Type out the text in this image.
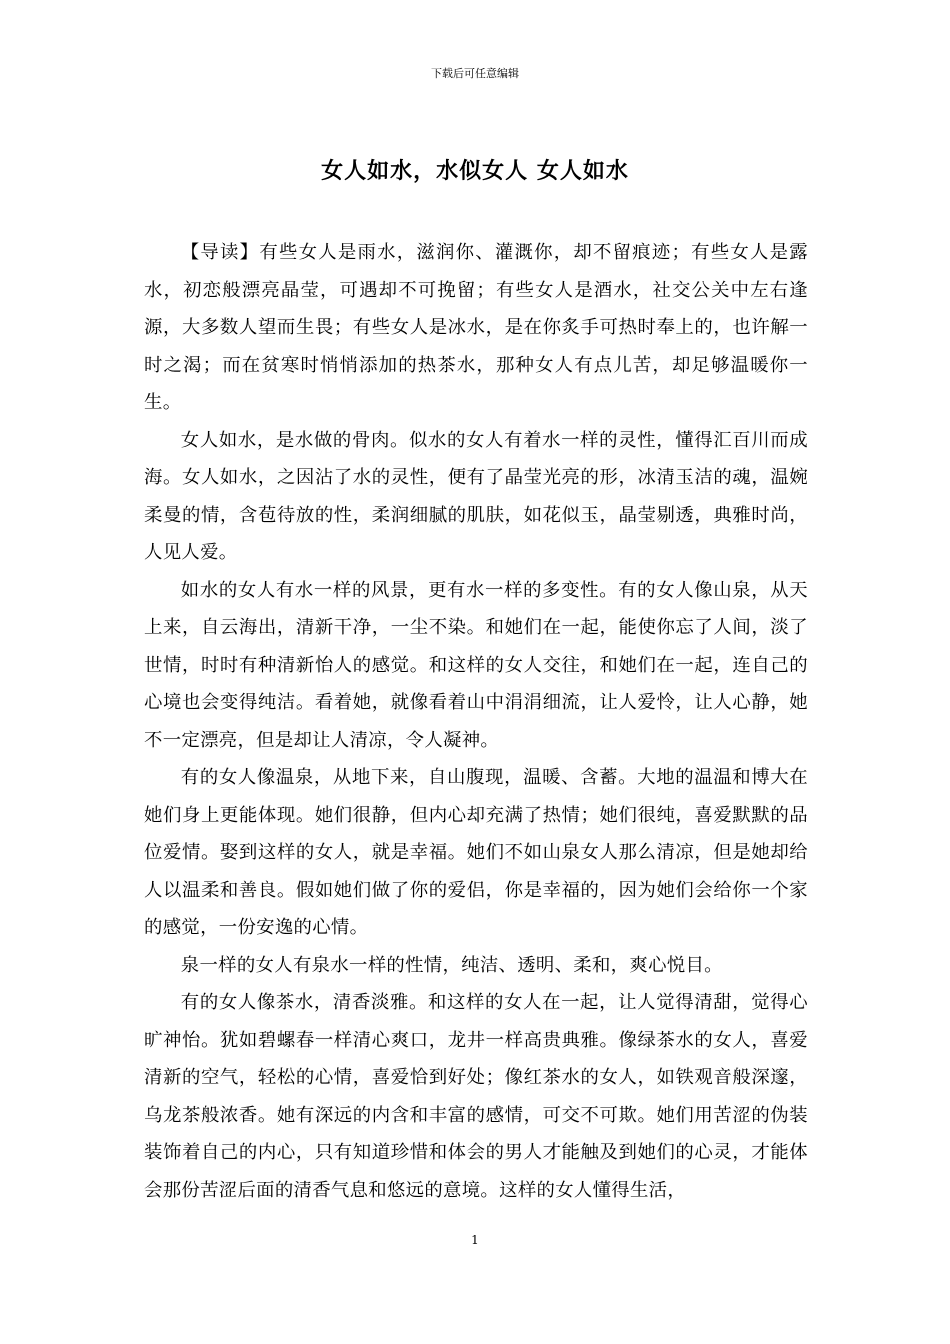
下载后可任意编辑
女人如水，水似女人 女人如水

【导读】有些女人是雨水，滋润你、灌溉你，却不留痕迹；有些女人是露水，初恋般漂亮晶莹，可遇却不可挽留；有些女人是酒水，社交公关中左右逢源，大多数人望而生畏；有些女人是冰水，是在你炙手可热时奉上的，也许解一时之渴；而在贫寒时悄悄添加的热茶水，那种女人有点儿苦，却足够温暖你一生。

女人如水，是水做的骨肉。似水的女人有着水一样的灵性，懂得汇百川而成海。女人如水，之因沾了水的灵性，便有了晶莹光亮的形，冰清玉洁的魂，温婉柔曼的情，含苞待放的性，柔润细腻的肌肤，如花似玉，晶莹剔透，典雅时尚，人见人爱。

如水的女人有水一样的风景，更有水一样的多变性。有的女人像山泉，从天上来，自云海出，清新干净，一尘不染。和她们在一起，能使你忘了人间，淡了世情，时时有种清新怡人的感觉。和这样的女人交往，和她们在一起，连自己的心境也会变得纯洁。看着她，就像看着山中涓涓细流，让人爱怜，让人心静，她不一定漂亮，但是却让人清凉，令人凝神。

有的女人像温泉，从地下来，自山腹现，温暖、含蓄。大地的温温和博大在她们身上更能体现。她们很静，但内心却充满了热情；她们很纯，喜爱默默的品位爱情。娶到这样的女人，就是幸福。她们不如山泉女人那么清凉，但是她却给人以温柔和善良。假如她们做了你的爱侣，你是幸福的，因为她们会给你一个家的感觉，一份安逸的心情。

泉一样的女人有泉水一样的性情，纯洁、透明、柔和，爽心悦目。

有的女人像茶水，清香淡雅。和这样的女人在一起，让人觉得清甜，觉得心旷神怡。犹如碧螺春一样清心爽口，龙井一样高贵典雅。像绿茶水的女人，喜爱清新的空气，轻松的心情，喜爱恰到好处；像红茶水的女人，如铁观音般深邃，乌龙茶般浓香。她有深远的内含和丰富的感情，可交不可欺。她们用苦涩的伪装装饰着自己的内心，只有知道珍惜和体会的男人才能触及到她们的心灵，才能体会那份苦涩后面的清香气息和悠远的意境。这样的女人懂得生活，

1
